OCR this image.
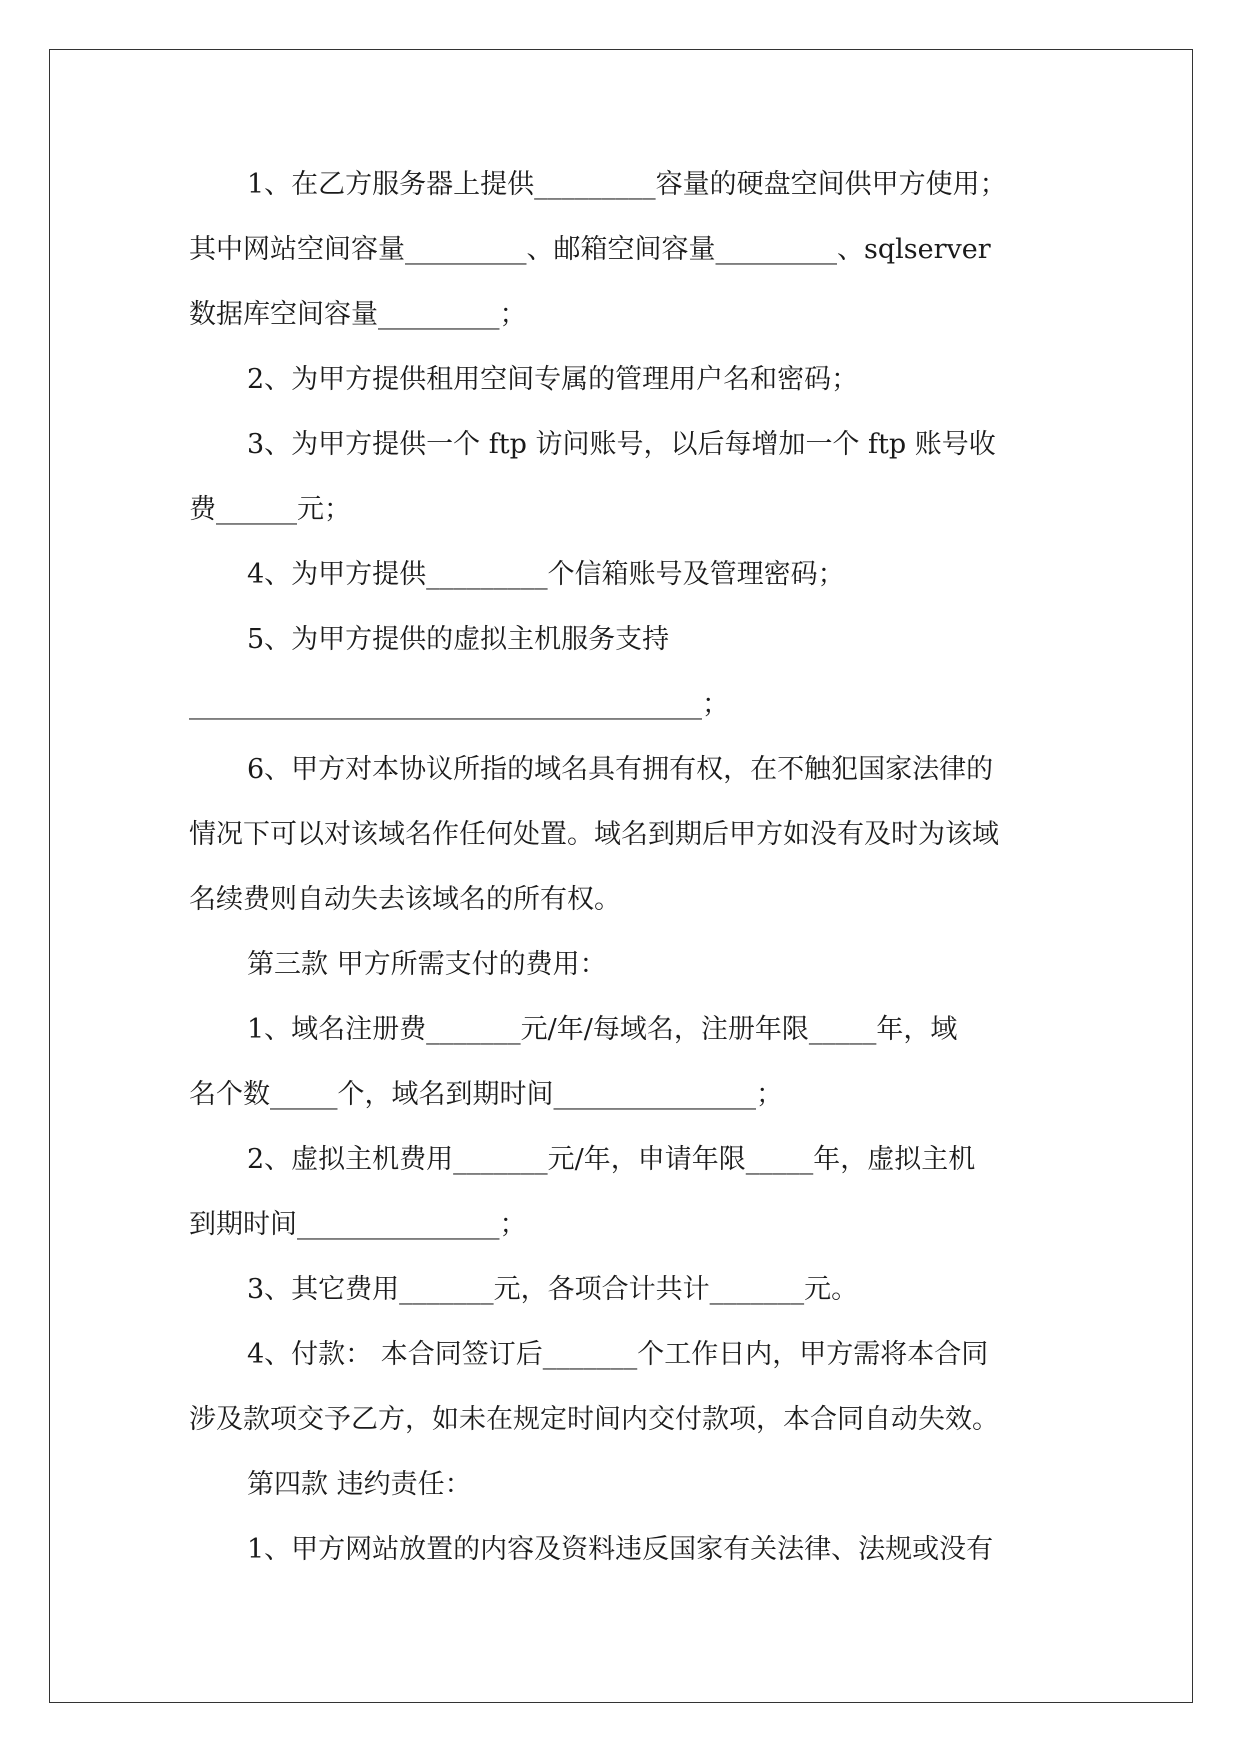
1、在乙方服务器上提供_________容量的硬盘空间供甲方使用；
其中网站空间容量_________、邮箱空间容量_________、sqlserver
数据库空间容量_________；
2、为甲方提供租用空间专属的管理用户名和密码；
3、为甲方提供一个 ftp 访问账号，以后每增加一个 ftp 账号收
费______元；
4、为甲方提供_________个信箱账号及管理密码；
5、为甲方提供的虚拟主机服务支持
______________________________________；
6、甲方对本协议所指的域名具有拥有权，在不触犯国家法律的
情况下可以对该域名作任何处置。域名到期后甲方如没有及时为该域
名续费则自动失去该域名的所有权。
第三款 甲方所需支付的费用：
1、域名注册费_______元/年/每域名，注册年限_____年，域
名个数_____个，域名到期时间_______________；
2、虚拟主机费用_______元/年，申请年限_____年，虚拟主机
到期时间_______________；
3、其它费用_______元，各项合计共计_______元。
4、付款： 本合同签订后_______个工作日内，甲方需将本合同
涉及款项交予乙方，如未在规定时间内交付款项，本合同自动失效。
第四款 违约责任：
1、甲方网站放置的内容及资料违反国家有关法律、法规或没有
